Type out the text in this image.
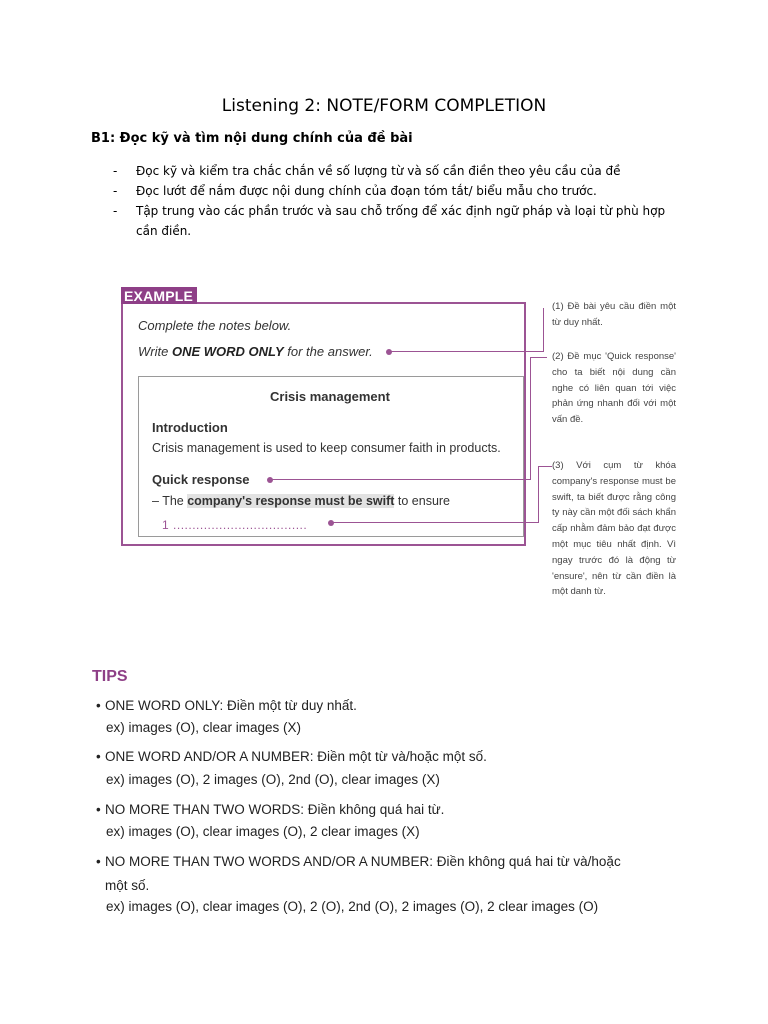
Listening 2: NOTE/FORM COMPLETION
B1: Đọc kỹ và tìm nội dung chính của đề bài
- Đọc kỹ và kiểm tra chắc chắn về số lượng từ và số cần điền theo yêu cầu của đề
- Đọc lướt để nắm được nội dung chính của đoạn tóm tắt/ biểu mẫu cho trước.
- Tập trung vào các phần trước và sau chỗ trống để xác định ngữ pháp và loại từ phù hợp cần điền.
EXAMPLE
Complete the notes below.
Write ONE WORD ONLY for the answer.
Crisis management
Introduction
Crisis management is used to keep consumer faith in products.
Quick response
– The company's response must be swift to ensure
1 ...................................
(1) Đề bài yêu cầu điền một từ duy nhất.
(2) Đề mục 'Quick response' cho ta biết nội dung cần nghe có liên quan tới việc phản ứng nhanh đối với một vấn đề.
(3) Với cụm từ khóa company's response must be swift, ta biết được rằng công ty này cần một đối sách khẩn cấp nhằm đảm bảo đạt được một mục tiêu nhất định. Vì ngay trước đó là động từ 'ensure', nên từ cần điền là một danh từ.
TIPS
• ONE WORD ONLY: Điền một từ duy nhất.
ex) images (O), clear images (X)
• ONE WORD AND/OR A NUMBER: Điền một từ và/hoặc một số.
ex) images (O), 2 images (O), 2nd (O), clear images (X)
• NO MORE THAN TWO WORDS: Điền không quá hai từ.
ex) images (O), clear images (O), 2 clear images (X)
• NO MORE THAN TWO WORDS AND/OR A NUMBER: Điền không quá hai từ và/hoặc
một số.
ex) images (O), clear images (O), 2 (O), 2nd (O), 2 images (O), 2 clear images (O)
